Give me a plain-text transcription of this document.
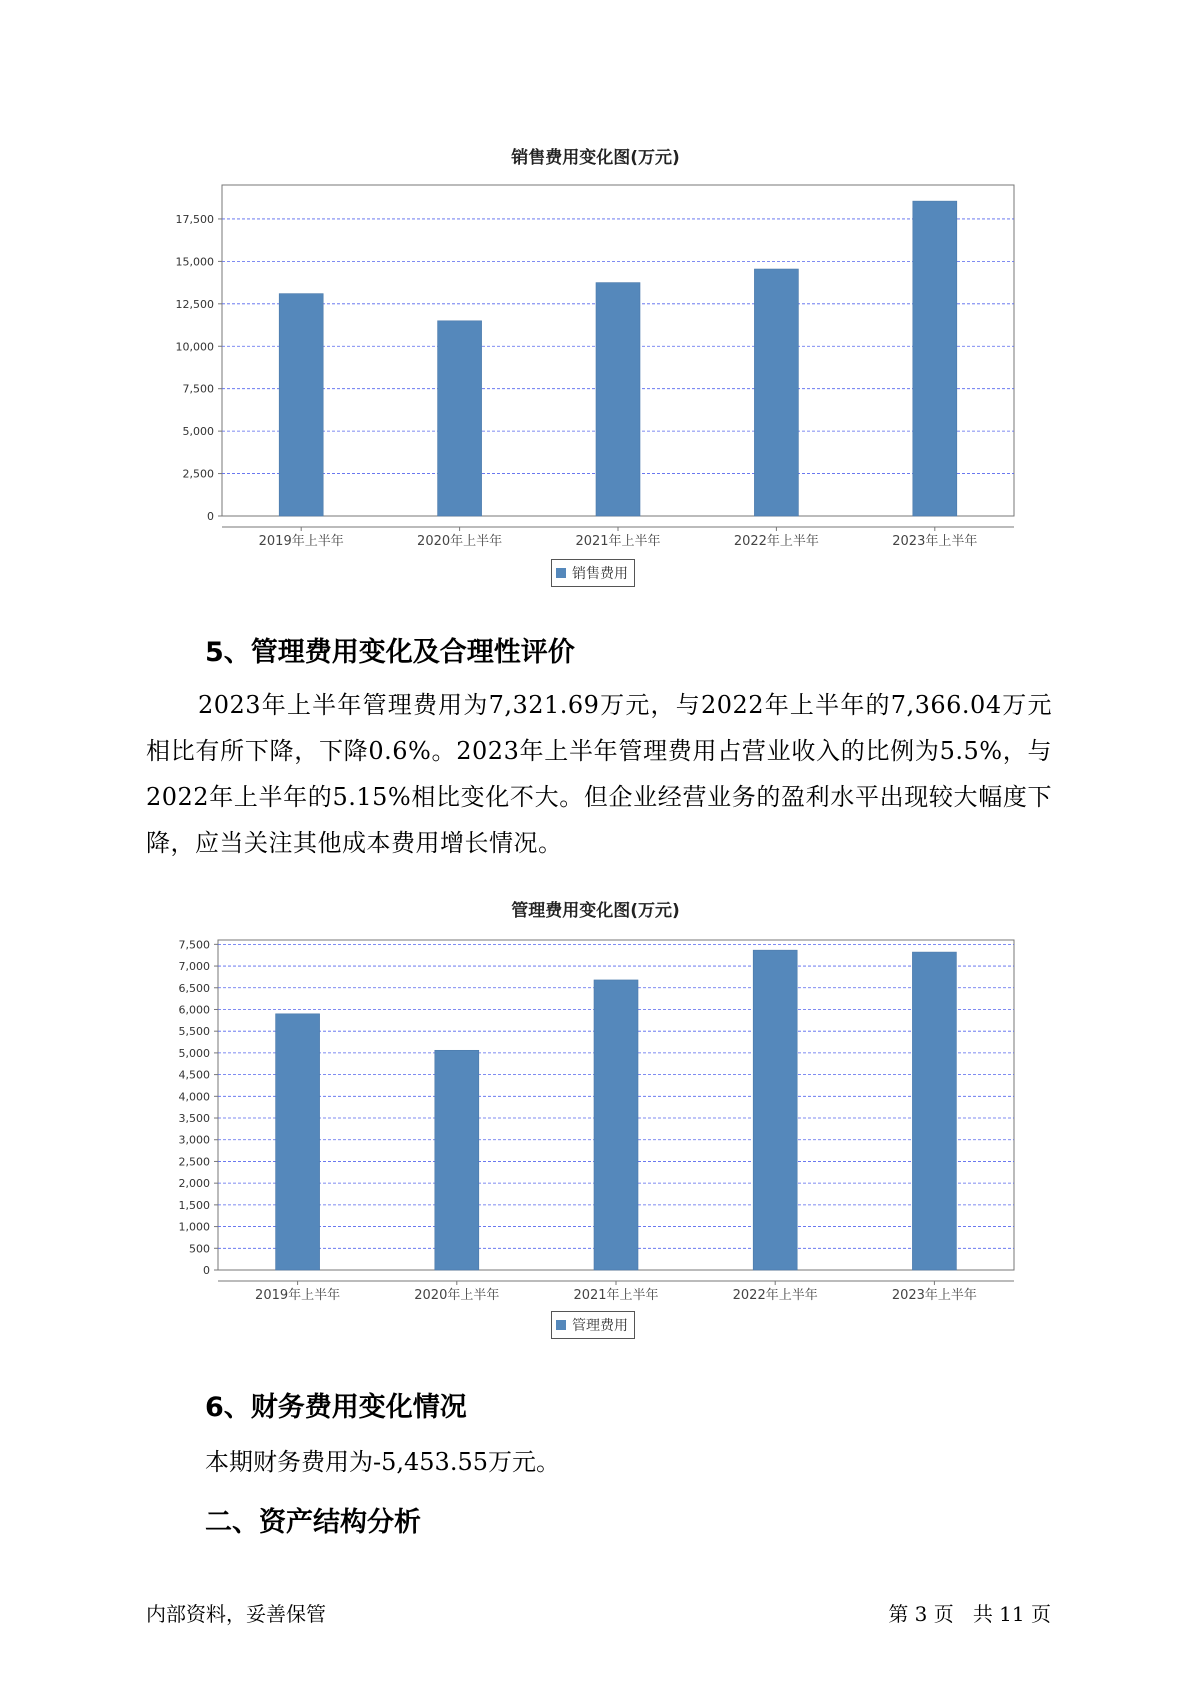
销售费用变化图(万元)
0
2,500
5,000
7,500
10,000
12,500
15,000
17,500
2019年上半年	2020年上半年	2021年上半年	2022年上半年	2023年上半年
销售费用
5、管理费用变化及合理性评价
2023年上半年管理费用为7,321.69万元，与2022年上半年的7,366.04万元相比有所下降，下降0.6%。2023年上半年管理费用占营业收入的比例为5.5%，与2022年上半年的5.15%相比变化不大。但企业经营业务的盈利水平出现较大幅度下降，应当关注其他成本费用增长情况。
管理费用变化图(万元)
0
500
1,000
1,500
2,000
2,500
3,000
3,500
4,000
4,500
5,000
5,500
6,000
6,500
7,000
7,500
2019年上半年	2020年上半年	2021年上半年	2022年上半年	2023年上半年
管理费用
6、财务费用变化情况
本期财务费用为-5,453.55万元。
二、资产结构分析
内部资料，妥善保管	第 3 页   共 11 页
